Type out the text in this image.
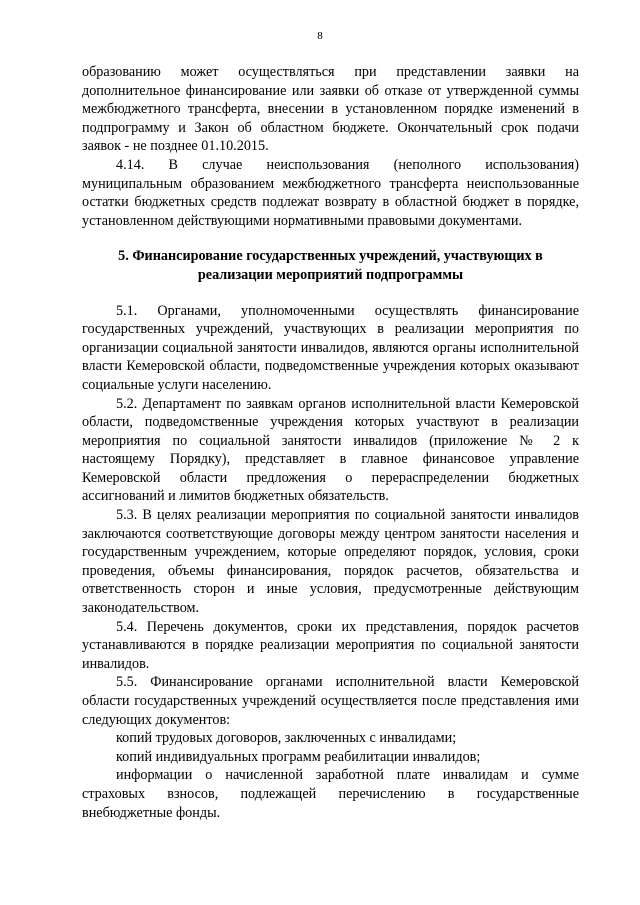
8

образованию может осуществляться при представлении заявки на дополнительное финансирование или заявки об отказе от утвержденной суммы межбюджетного трансферта, внесении в установленном порядке изменений в подпрограмму и Закон об областном бюджете. Окончательный срок подачи заявок - не позднее 01.10.2015.

4.14. В случае неиспользования (неполного использования) муниципальным образованием межбюджетного трансферта неиспользованные остатки бюджетных средств подлежат возврату в областной бюджет в порядке, установленном действующими нормативными правовыми документами.

5. Финансирование государственных учреждений, участвующих в реализации мероприятий подпрограммы

5.1. Органами, уполномоченными осуществлять финансирование государственных учреждений, участвующих в реализации мероприятия по организации социальной занятости инвалидов, являются органы исполнительной власти Кемеровской области, подведомственные учреждения которых оказывают социальные услуги населению.

5.2. Департамент по заявкам органов исполнительной власти Кемеровской области, подведомственные учреждения которых участвуют в реализации мероприятия по социальной занятости инвалидов (приложение № 2 к настоящему Порядку), представляет в главное финансовое управление Кемеровской области предложения о перераспределении бюджетных ассигнований и лимитов бюджетных обязательств.

5.3. В целях реализации мероприятия по социальной занятости инвалидов заключаются соответствующие договоры между центром занятости населения и государственным учреждением, которые определяют порядок, условия, сроки проведения, объемы финансирования, порядок расчетов, обязательства и ответственность сторон и иные условия, предусмотренные действующим законодательством.

5.4. Перечень документов, сроки их представления, порядок расчетов устанавливаются в порядке реализации мероприятия по социальной занятости инвалидов.

5.5. Финансирование органами исполнительной власти Кемеровской области государственных учреждений осуществляется после представления ими следующих документов:

копий трудовых договоров, заключенных с инвалидами;

копий индивидуальных программ реабилитации инвалидов;

информации о начисленной заработной плате инвалидам и сумме страховых взносов, подлежащей перечислению в государственные внебюджетные фонды.
